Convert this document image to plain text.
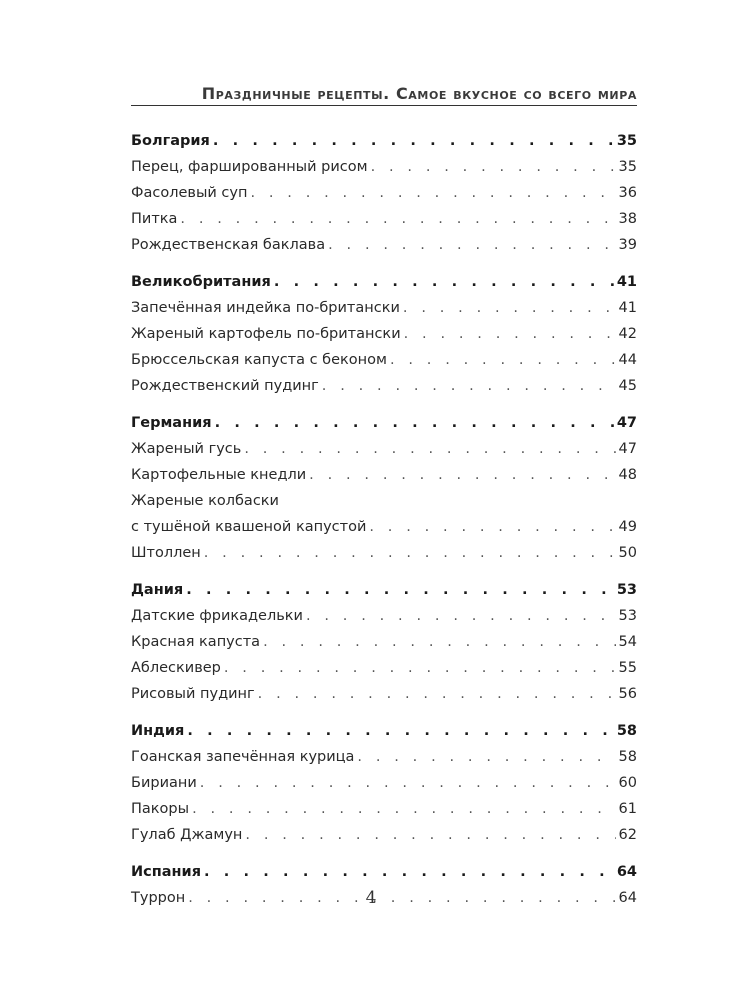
Праздничные рецепты. Самое вкусное со всего мира
Болгария . . .	35
Перец, фаршированный рисом . . .	35
Фасолевый суп . . .	36
Питка . . .	38
Рождественская баклава . . .	39
Великобритания . . .	41
Запечённая индейка по-британски . . .	41
Жареный картофель по-британски . . .	42
Брюссельская капуста с беконом . . .	44
Рождественский пудинг . . .	45
Германия . . .	47
Жареный гусь . . .	47
Картофельные кнедли . . .	48
Жареные колбаски
с тушёной квашеной капустой . . .	49
Штоллен . . .	50
Дания . . .	53
Датские фрикадельки . . .	53
Красная капуста . . .	54
Аблескивер . . .	55
Рисовый пудинг . . .	56
Индия . . .	58
Гоанская запечённая курица . . .	58
Бириани . . .	60
Пакоры . . .	61
Гулаб Джамун . . .	62
Испания . . .	64
Туррон . . .	64
4
